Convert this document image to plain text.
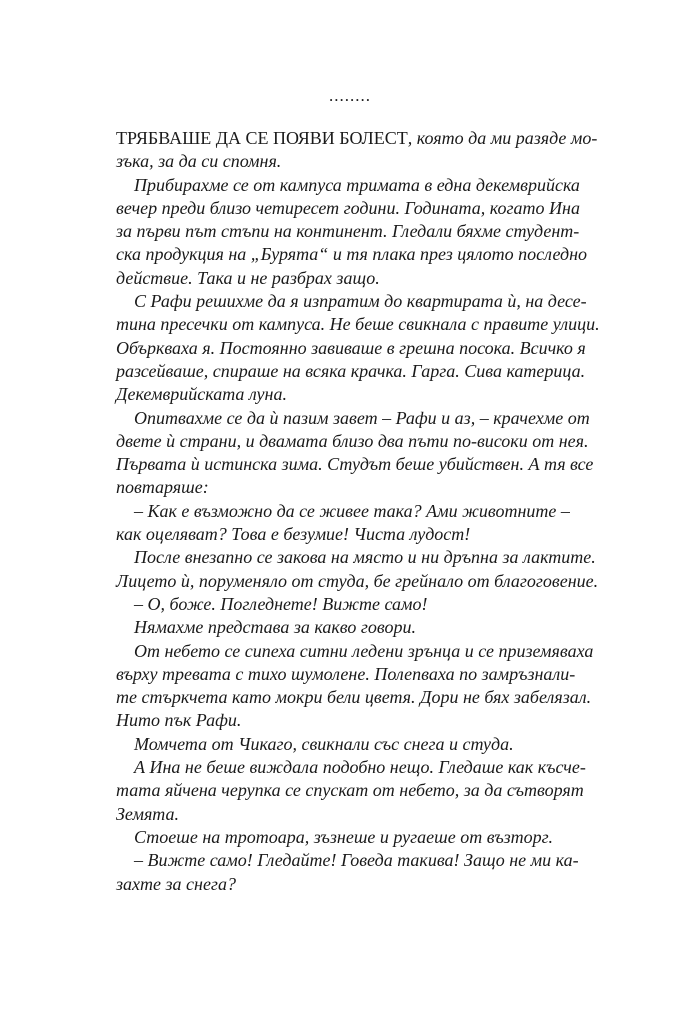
........

ТРЯБВАШЕ ДА СЕ ПОЯВИ БОЛЕСТ, която да ми разяде мо-
зъка, за да си спомня.

Прибирахме се от кампуса тримата в една декемврийска
вечер преди близо четиресет години. Годината, когато Ина
за първи път стъпи на континент. Гледали бяхме студент-
ска продукция на „Бурята“ и тя плака през цялото последно
действие. Така и не разбрах защо.

С Рафи решихме да я изпратим до квартирата ѝ, на десе-
тина пресечки от кампуса. Не беше свикнала с правите улици.
Объркваха я. Постоянно завиваше в грешна посока. Всичко я
разсейваше, спираше на всяка крачка. Гарга. Сива катерица.
Декемврийската луна.

Опитвахме се да ѝ пазим завет – Рафи и аз, – крачехме от
двете ѝ страни, и двамата близо два пъти по-високи от нея.
Първата ѝ истинска зима. Студът беше убийствен. А тя все
повтаряше:

– Как е възможно да се живее така? Ами животните –
как оцеляват? Това е безумие! Чиста лудост!

После внезапно се закова на място и ни дръпна за лактите.
Лицето ѝ, поруменяло от студа, бе грейнало от благоговение.

– О, боже. Погледнете! Вижте само!

Нямахме представа за какво говори.

От небето се сипеха ситни ледени зрънца и се приземяваха
върху тревата с тихо шумолене. Полепваха по замръзнали-
те стъркчета като мокри бели цветя. Дори не бях забелязал.
Нито пък Рафи.

Момчета от Чикаго, свикнали със снега и студа.

А Ина не беше виждала подобно нещо. Гледаше как късче-
тата яйчена черупка се спускат от небето, за да сътворят
Земята.

Стоеше на тротоара, зъзнеше и ругаеше от възторг.

– Вижте само! Гледайте! Говеда такива! Защо не ми ка-
захте за снега?
